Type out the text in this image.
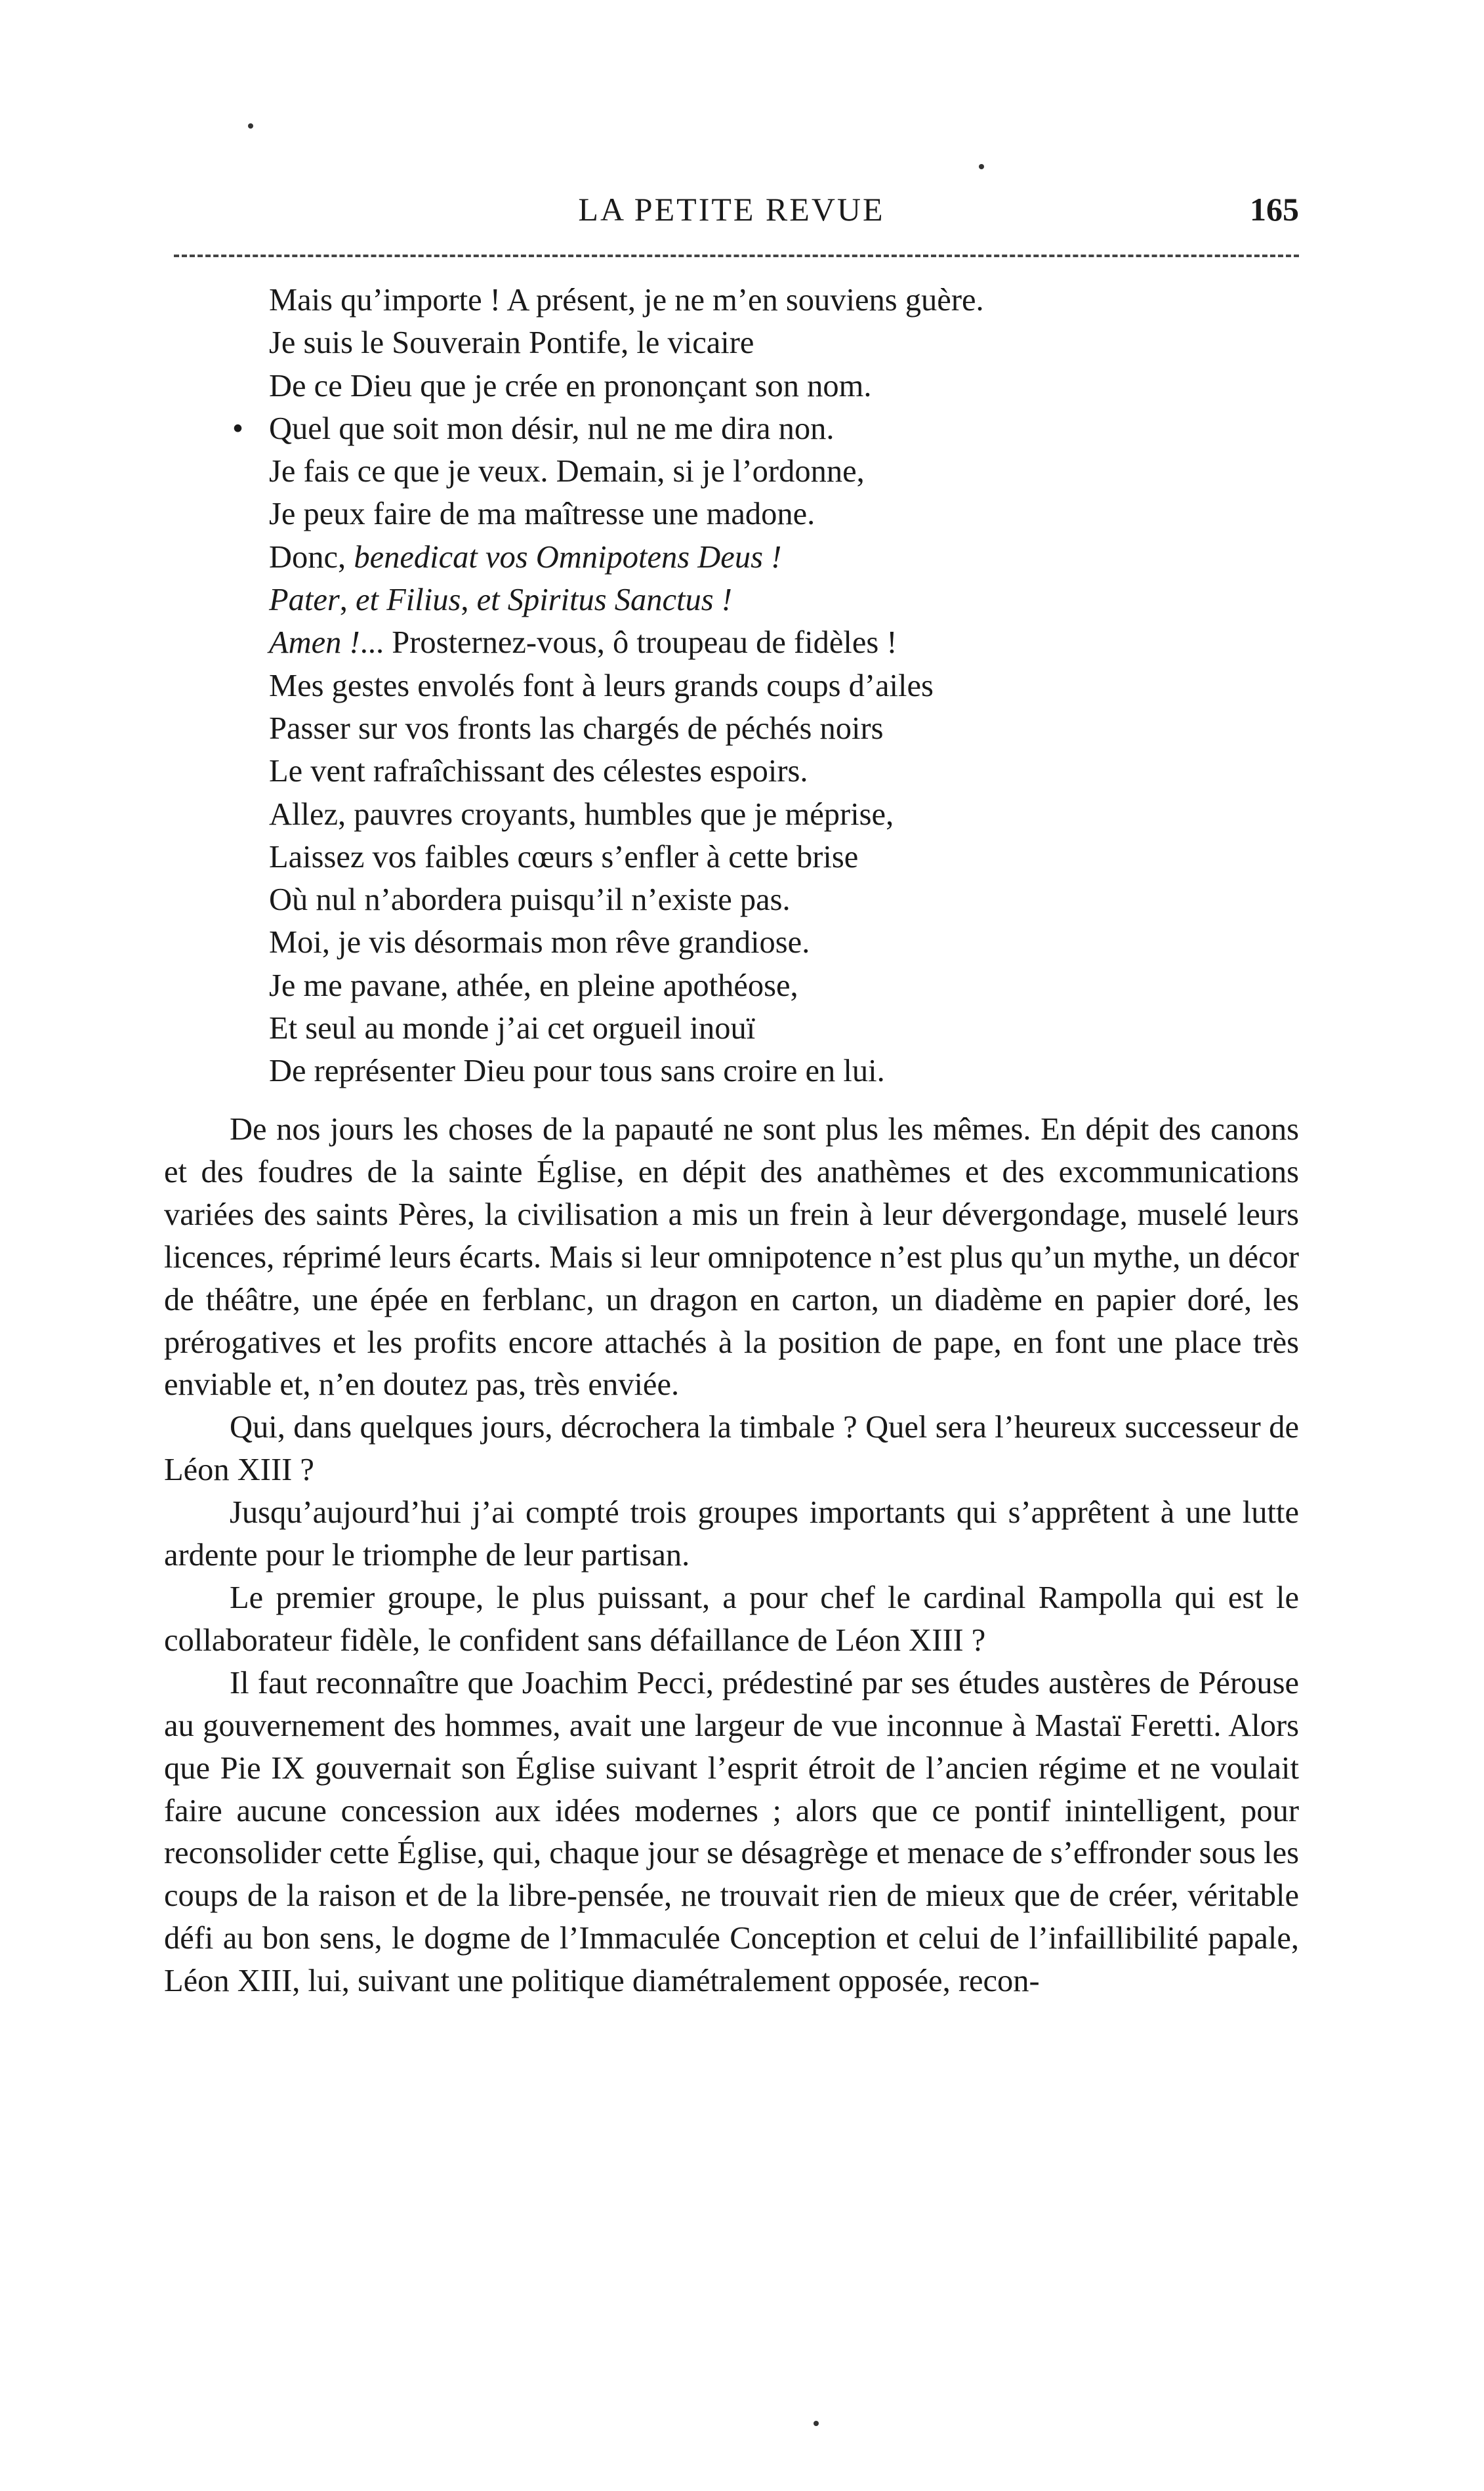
LA PETITE REVUE	165
Mais qu’importe ! A présent, je ne m’en souviens guère.
Je suis le Souverain Pontife, le vicaire
De ce Dieu que je crée en prononçant son nom.
• Quel que soit mon désir, nul ne me dira non.
Je fais ce que je veux. Demain, si je l’ordonne,
Je peux faire de ma maîtresse une madone.
Donc, benedicat vos Omnipotens Deus !
Pater, et Filius, et Spiritus Sanctus !
Amen !... Prosternez-vous, ô troupeau de fidèles !
Mes gestes envolés font à leurs grands coups d’ailes
Passer sur vos fronts las chargés de péchés noirs
Le vent rafraîchissant des célestes espoirs.
Allez, pauvres croyants, humbles que je méprise,
Laissez vos faibles cœurs s’enfler à cette brise
Où nul n’abordera puisqu’il n’existe pas.
Moi, je vis désormais mon rêve grandiose.
Je me pavane, athée, en pleine apothéose,
Et seul au monde j’ai cet orgueil inouï
De représenter Dieu pour tous sans croire en lui.

De nos jours les choses de la papauté ne sont plus les mêmes. En dépit des canons et des foudres de la sainte Église, en dépit des anathèmes et des excommunications variées des saints Pères, la civilisation a mis un frein à leur dévergondage, muselé leurs licences, réprimé leurs écarts. Mais si leur omnipotence n’est plus qu’un mythe, un décor de théâtre, une épée en ferblanc, un dragon en carton, un diadème en papier doré, les prérogatives et les profits encore attachés à la position de pape, en font une place très enviable et, n’en doutez pas, très enviée.

Qui, dans quelques jours, décrochera la timbale ? Quel sera l’heureux successeur de Léon XIII ?

Jusqu’aujourd’hui j’ai compté trois groupes importants qui s’apprêtent à une lutte ardente pour le triomphe de leur partisan.

Le premier groupe, le plus puissant, a pour chef le cardinal Rampolla qui est le collaborateur fidèle, le confident sans défaillance de Léon XIII ?

Il faut reconnaître que Joachim Pecci, prédestiné par ses études austères de Pérouse au gouvernement des hommes, avait une largeur de vue inconnue à Mastaï Feretti. Alors que Pie IX gouvernait son Église suivant l’esprit étroit de l’ancien régime et ne voulait faire aucune concession aux idées modernes ; alors que ce pontif inintelligent, pour reconsolider cette Église, qui, chaque jour se désagrège et menace de s’effronder sous les coups de la raison et de la libre-pensée, ne trouvait rien de mieux que de créer, véritable défi au bon sens, le dogme de l’Immaculée Conception et celui de l’infaillibilité papale, Léon XIII, lui, suivant une politique diamétralement opposée, recon-
